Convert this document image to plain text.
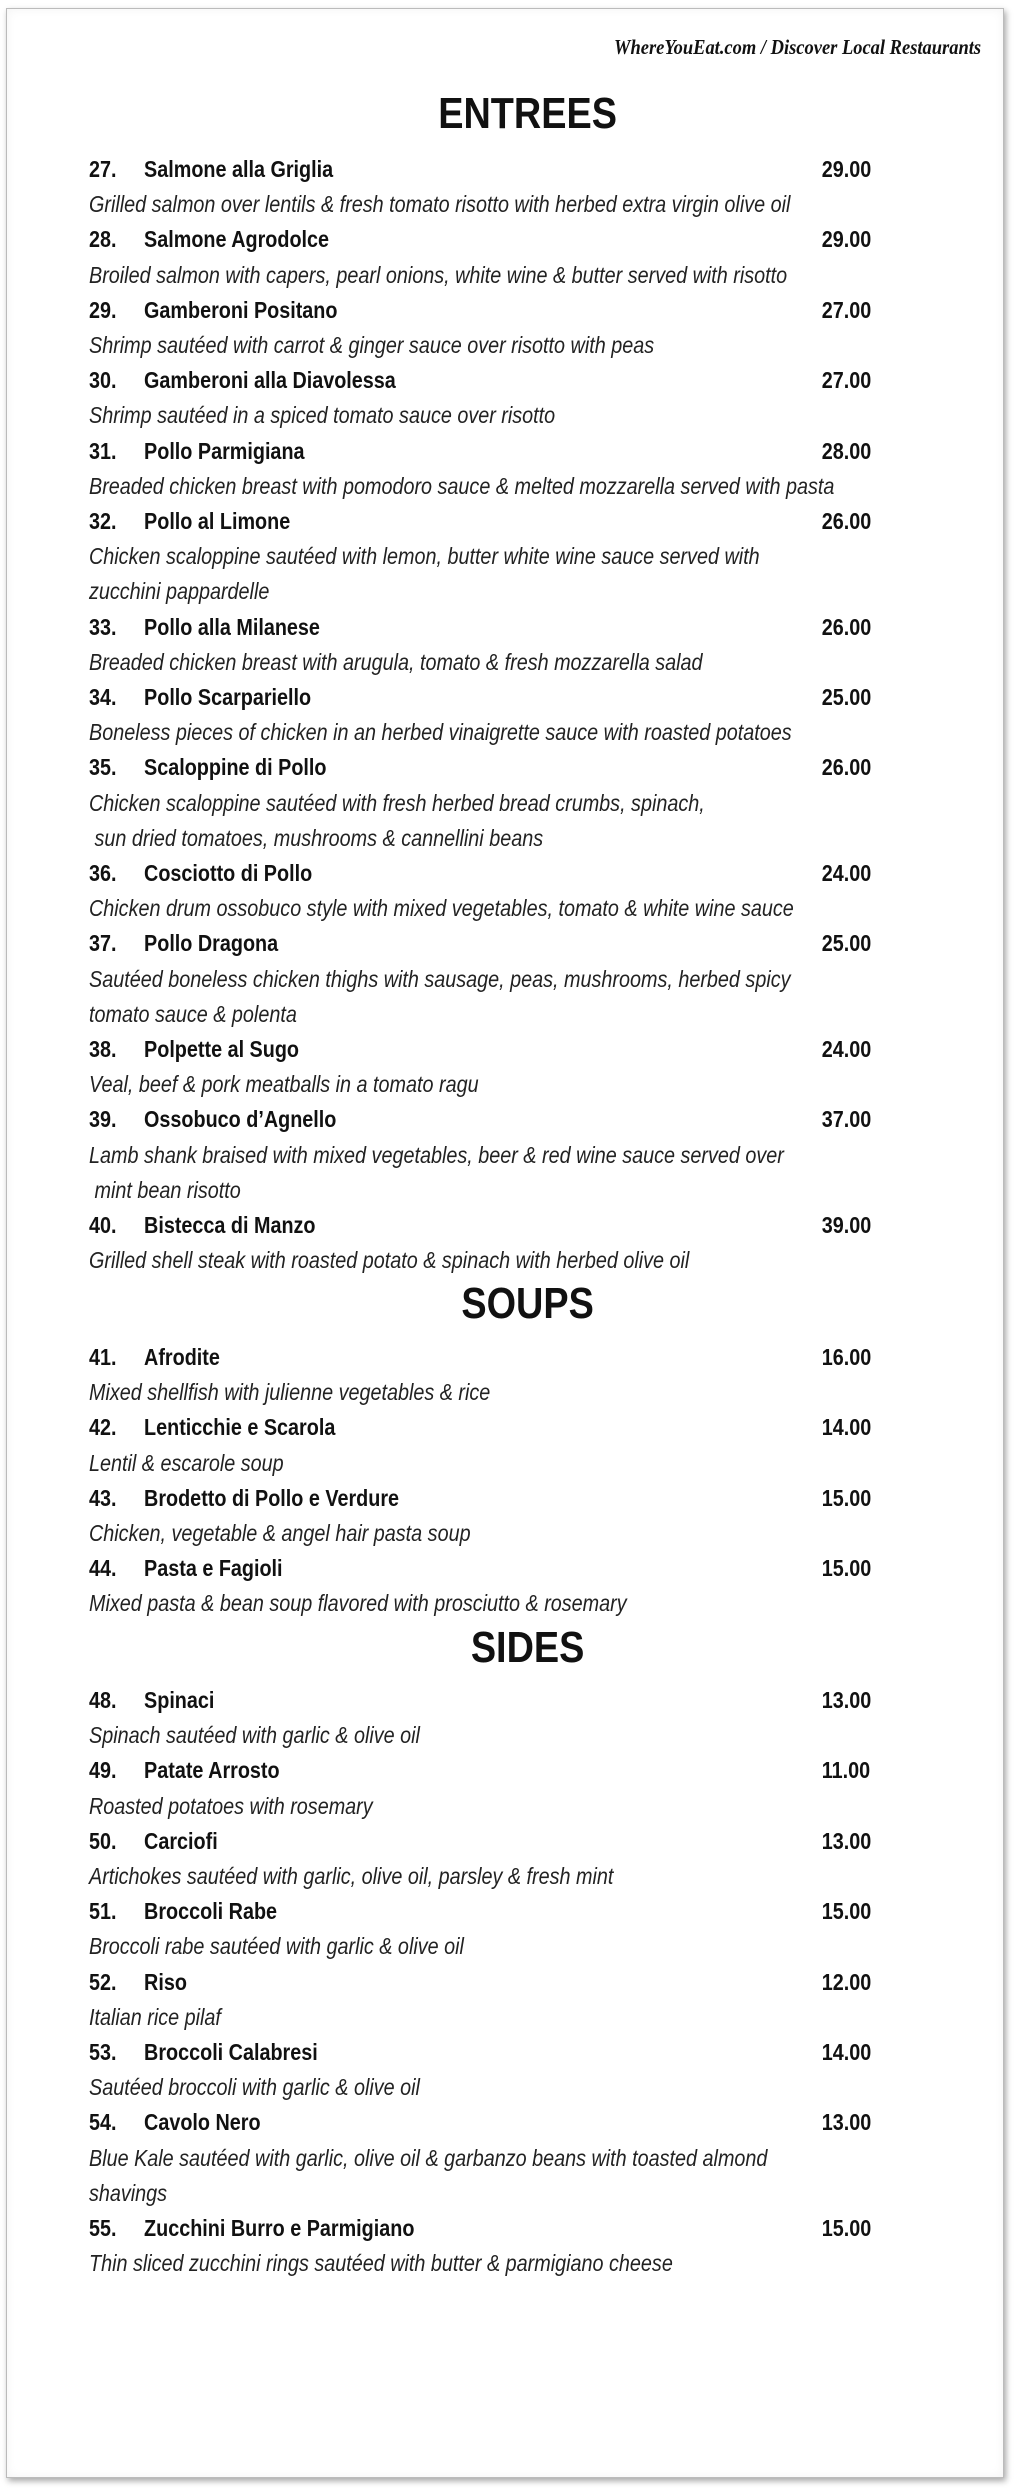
WhereYouEat.com / Discover Local Restaurants
ENTREES
27. Salmone alla Griglia	29.00
Grilled salmon over lentils & fresh tomato risotto with herbed extra virgin olive oil
28. Salmone Agrodolce	29.00
Broiled salmon with capers, pearl onions, white wine & butter served with risotto
29. Gamberoni Positano	27.00
Shrimp sautéed with carrot & ginger sauce over risotto with peas
30. Gamberoni alla Diavolessa	27.00
Shrimp sautéed in a spiced tomato sauce over risotto
31. Pollo Parmigiana	28.00
Breaded chicken breast with pomodoro sauce & melted mozzarella served with pasta
32. Pollo al Limone	26.00
Chicken scaloppine sautéed with lemon, butter white wine sauce served with
zucchini pappardelle
33. Pollo alla Milanese	26.00
Breaded chicken breast with arugula, tomato & fresh mozzarella salad
34. Pollo Scarpariello	25.00
Boneless pieces of chicken in an herbed vinaigrette sauce with roasted potatoes
35. Scaloppine di Pollo	26.00
Chicken scaloppine sautéed with fresh herbed bread crumbs, spinach,
sun dried tomatoes, mushrooms & cannellini beans
36. Cosciotto di Pollo	24.00
Chicken drum ossobuco style with mixed vegetables, tomato & white wine sauce
37. Pollo Dragona	25.00
Sautéed boneless chicken thighs with sausage, peas, mushrooms, herbed spicy
tomato sauce & polenta
38. Polpette al Sugo	24.00
Veal, beef & pork meatballs in a tomato ragu
39. Ossobuco d’Agnello	37.00
Lamb shank braised with mixed vegetables, beer & red wine sauce served over
mint bean risotto
40. Bistecca di Manzo	39.00
Grilled shell steak with roasted potato & spinach with herbed olive oil
SOUPS
41. Afrodite	16.00
Mixed shellfish with julienne vegetables & rice
42. Lenticchie e Scarola	14.00
Lentil & escarole soup
43. Brodetto di Pollo e Verdure	15.00
Chicken, vegetable & angel hair pasta soup
44. Pasta e Fagioli	15.00
Mixed pasta & bean soup flavored with prosciutto & rosemary
SIDES
48. Spinaci	13.00
Spinach sautéed with garlic & olive oil
49. Patate Arrosto	11.00
Roasted potatoes with rosemary
50. Carciofi	13.00
Artichokes sautéed with garlic, olive oil, parsley & fresh mint
51. Broccoli Rabe	15.00
Broccoli rabe sautéed with garlic & olive oil
52. Riso	12.00
Italian rice pilaf
53. Broccoli Calabresi	14.00
Sautéed broccoli with garlic & olive oil
54. Cavolo Nero	13.00
Blue Kale sautéed with garlic, olive oil & garbanzo beans with toasted almond
shavings
55. Zucchini Burro e Parmigiano	15.00
Thin sliced zucchini rings sautéed with butter & parmigiano cheese
